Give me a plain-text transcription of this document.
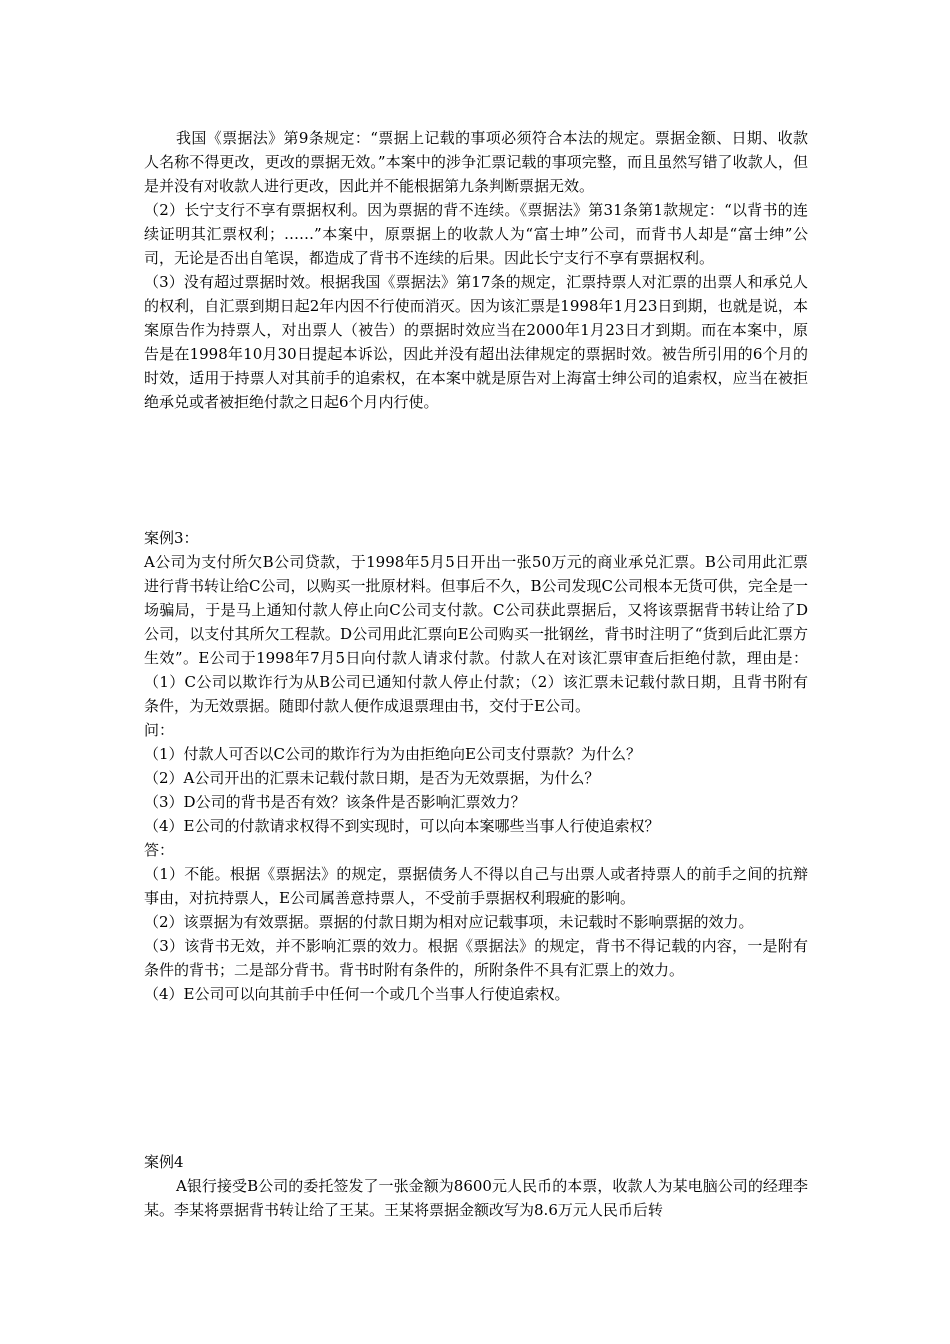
我国《票据法》第9条规定：“票据上记载的事项必须符合本法的规定。票据金额、日期、收款人名称不得更改，更改的票据无效。”本案中的涉争汇票记载的事项完整，而且虽然写错了收款人，但是并没有对收款人进行更改，因此并不能根据第九条判断票据无效。

（2）长宁支行不享有票据权利。因为票据的背不连续。《票据法》第31条第1款规定：“以背书的连续证明其汇票权利；……”本案中，原票据上的收款人为“富士坤”公司，而背书人却是“富士绅”公司，无论是否出自笔误，都造成了背书不连续的后果。因此长宁支行不享有票据权利。

（3）没有超过票据时效。根据我国《票据法》第17条的规定，汇票持票人对汇票的出票人和承兑人的权利，自汇票到期日起2年内因不行使而消灭。因为该汇票是1998年1月23日到期，也就是说，本案原告作为持票人，对出票人（被告）的票据时效应当在2000年1月23日才到期。而在本案中，原告是在1998年10月30日提起本诉讼，因此并没有超出法律规定的票据时效。被告所引用的6个月的时效，适用于持票人对其前手的追索权，在本案中就是原告对上海富士绅公司的追索权，应当在被拒绝承兑或者被拒绝付款之日起6个月内行使。

案例3：

A公司为支付所欠B公司贷款，于1998年5月5日开出一张50万元的商业承兑汇票。B公司用此汇票进行背书转让给C公司，以购买一批原材料。但事后不久，B公司发现C公司根本无货可供，完全是一场骗局，于是马上通知付款人停止向C公司支付款。C公司获此票据后，又将该票据背书转让给了D公司，以支付其所欠工程款。D公司用此汇票向E公司购买一批钢丝，背书时注明了“货到后此汇票方生效”。E公司于1998年7月5日向付款人请求付款。付款人在对该汇票审查后拒绝付款，理由是：（1）C公司以欺诈行为从B公司已通知付款人停止付款；（2）该汇票未记载付款日期，且背书附有条件，为无效票据。随即付款人便作成退票理由书，交付于E公司。

问：

（1）付款人可否以C公司的欺诈行为为由拒绝向E公司支付票款？为什么？

（2）A公司开出的汇票未记载付款日期，是否为无效票据，为什么？

（3）D公司的背书是否有效？该条件是否影响汇票效力？

（4）E公司的付款请求权得不到实现时，可以向本案哪些当事人行使追索权？

答：

（1）不能。根据《票据法》的规定，票据债务人不得以自己与出票人或者持票人的前手之间的抗辩事由，对抗持票人，E公司属善意持票人，不受前手票据权利瑕疵的影响。

（2）该票据为有效票据。票据的付款日期为相对应记载事项，未记载时不影响票据的效力。

（3）该背书无效，并不影响汇票的效力。根据《票据法》的规定，背书不得记载的内容，一是附有条件的背书；二是部分背书。背书时附有条件的，所附条件不具有汇票上的效力。

（4）E公司可以向其前手中任何一个或几个当事人行使追索权。

案例4

A银行接受B公司的委托签发了一张金额为8600元人民币的本票，收款人为某电脑公司的经理李某。李某将票据背书转让给了王某。王某将票据金额改写为8.6万元人民币后转
